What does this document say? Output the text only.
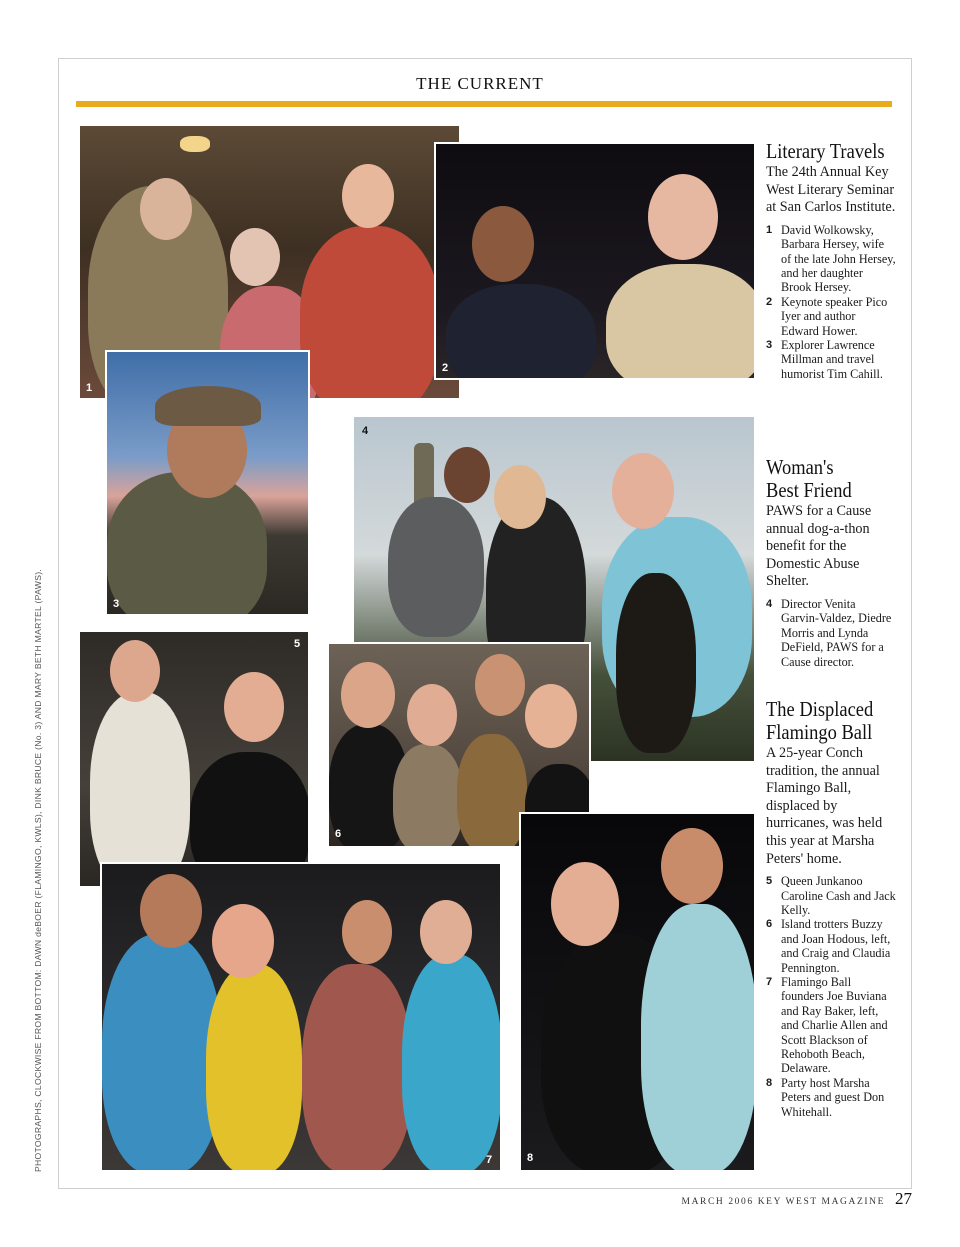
THE CURRENT
1
2
3
4
5
6
7	8
Literary Travels

The 24th Annual Key West Literary Seminar at San Carlos Institute.

1 David Wolkowsky, Barbara Hersey, wife of the late John Hersey, and her daughter Brook Hersey.
2 Keynote speaker Pico Iyer and author Edward Hower.
3 Explorer Lawrence Millman and travel humorist Tim Cahill.
Woman's
Best Friend

PAWS for a Cause annual dog-a-thon benefit for the Domestic Abuse Shelter.

4 Director Venita Garvin-Valdez, Diedre Morris and Lynda DeField, PAWS for a Cause director.
The Displaced
Flamingo Ball

A 25-year Conch tradition, the annual Flamingo Ball, displaced by hurricanes, was held this year at Marsha Peters' home.

5 Queen Junkanoo Caroline Cash and Jack Kelly.
6 Island trotters Buzzy and Joan Hodous, left, and Craig and Claudia Pennington.
7 Flamingo Ball founders Joe Buviana and Ray Baker, left, and Charlie Allen and Scott Blackson of Rehoboth Beach, Delaware.
8 Party host Marsha Peters and guest Don Whitehall.
PHOTOGRAPHS, CLOCKWISE FROM BOTTOM: DAWN deBOER (FLAMINGO, KWLS), DINK BRUCE (No. 3) AND MARY BETH MARTEL (PAWS).
MARCH 2006 KEY WEST MAGAZINE 27
